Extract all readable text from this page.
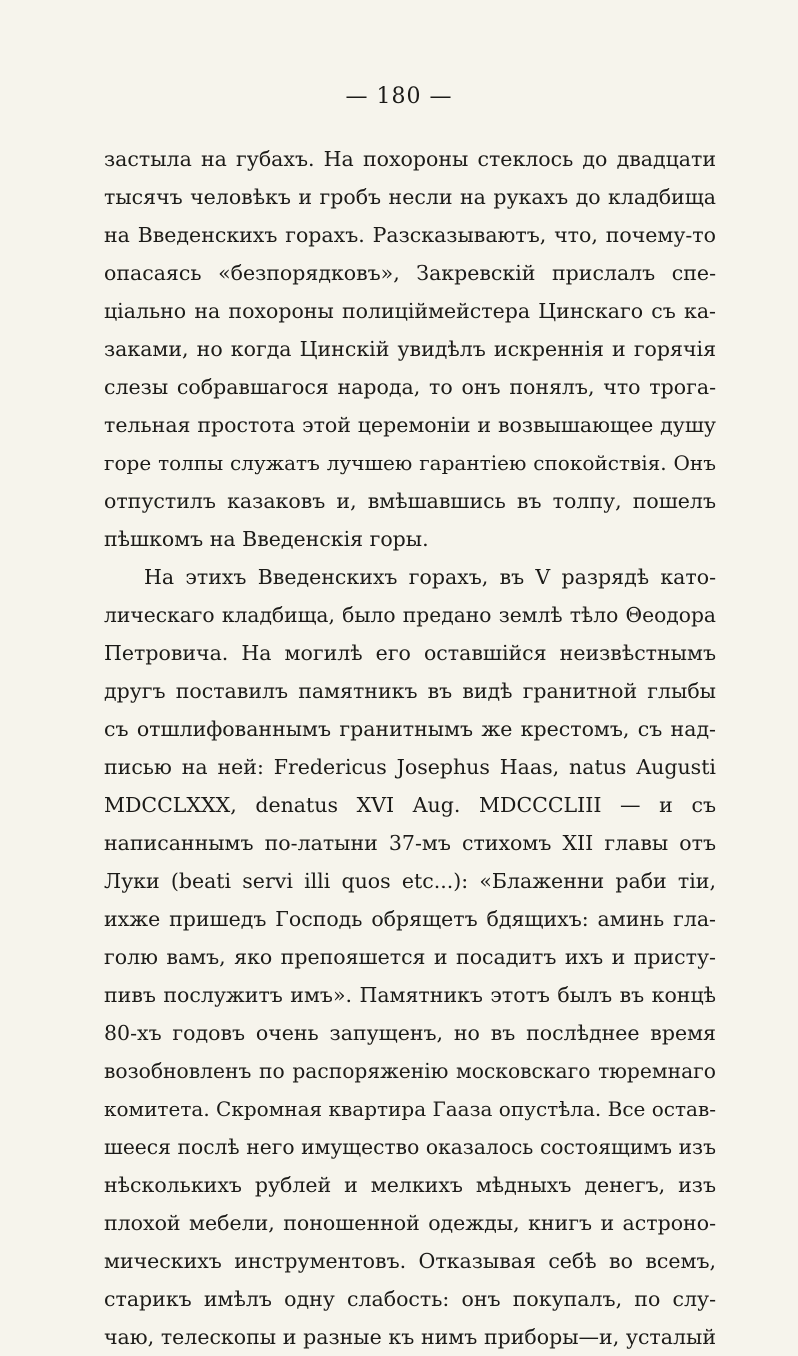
— 180 —
застыла на губахъ. На похороны стеклось до двадцати
тысячъ человѣкъ и гробъ несли на рукахъ до кладбища
на Введенскихъ горахъ. Разсказываютъ, что, почему-то
опасаясь «безпорядковъ», Закревскій прислалъ спе-
ціально на похороны полиціймейстера Цинскаго съ ка-
заками, но когда Цинскій увидѣлъ искреннія и горячія
слезы собравшагося народа, то онъ понялъ, что трога-
тельная простота этой церемоніи и возвышающее душу
горе толпы служатъ лучшею гарантіею спокойствія. Онъ
отпустилъ казаковъ и, вмѣшавшись въ толпу, пошелъ
пѣшкомъ на Введенскія горы.
На этихъ Введенскихъ горахъ, въ V разрядѣ като-
лическаго кладбища, было предано землѣ тѣло Θеодора
Петровича. На могилѣ его оставшійся неизвѣстнымъ
другъ поставилъ памятникъ въ видѣ гранитной глыбы
съ отшлифованнымъ гранитнымъ же крестомъ, съ над-
писью на ней: Fredericus Josephus Haas, natus Augusti
MDCCLXXX, denatus XVI Aug. MDCCCLIII — и съ
написаннымъ по-латыни 37-мъ стихомъ XII главы отъ
Луки (beati servi illi quos etc...): «Блаженни раби тіи,
ихже пришедъ Господь обрящетъ бдящихъ: аминь гла-
голю вамъ, яко препояшется и посадитъ ихъ и присту-
пивъ послужитъ имъ». Памятникъ этотъ былъ въ концѣ
80-хъ годовъ очень запущенъ, но въ послѣднее время
возобновленъ по распоряженію московскаго тюремнаго
комитета. Скромная квартира Гааза опустѣла. Все остав-
шееся послѣ него имущество оказалось состоящимъ изъ
нѣсколькихъ рублей и мелкихъ мѣдныхъ денегъ, изъ
плохой мебели, поношенной одежды, книгъ и астроно-
мическихъ инструментовъ. Отказывая себѣ во всемъ,
старикъ имѣлъ одну слабость: онъ покупалъ, по слу-
чаю, телескопы и разные къ нимъ приборы—и, усталый
